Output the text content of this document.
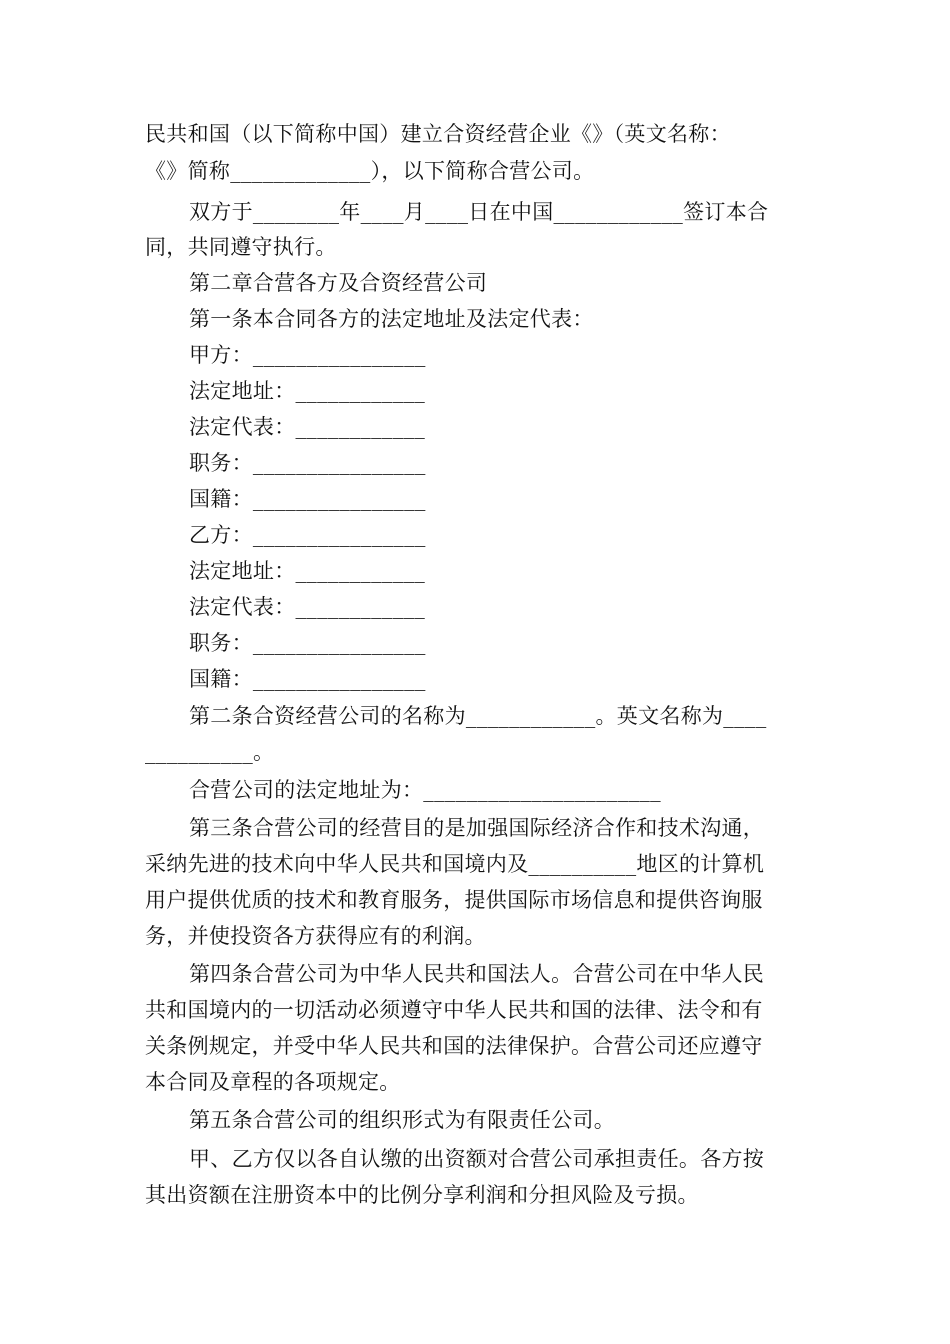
民共和国（以下简称中国）建立合资经营企业《》（英文名称：
《》简称_____________），以下简称合营公司。
双方于________年____月____日在中国____________签订本合
同，共同遵守执行。
第二章合营各方及合资经营公司
第一条本合同各方的法定地址及法定代表：
甲方：________________
法定地址：____________
法定代表：____________
职务：________________
国籍：________________
乙方：________________
法定地址：____________
法定代表：____________
职务：________________
国籍：________________
第二条合资经营公司的名称为____________。英文名称为____
__________。
合营公司的法定地址为：______________________
第三条合营公司的经营目的是加强国际经济合作和技术沟通，
采纳先进的技术向中华人民共和国境内及__________地区的计算机
用户提供优质的技术和教育服务，提供国际市场信息和提供咨询服
务，并使投资各方获得应有的利润。
第四条合营公司为中华人民共和国法人。合营公司在中华人民
共和国境内的一切活动必须遵守中华人民共和国的法律、法令和有
关条例规定，并受中华人民共和国的法律保护。合营公司还应遵守
本合同及章程的各项规定。
第五条合营公司的组织形式为有限责任公司。
甲、乙方仅以各自认缴的出资额对合营公司承担责任。各方按
其出资额在注册资本中的比例分享利润和分担风险及亏损。
